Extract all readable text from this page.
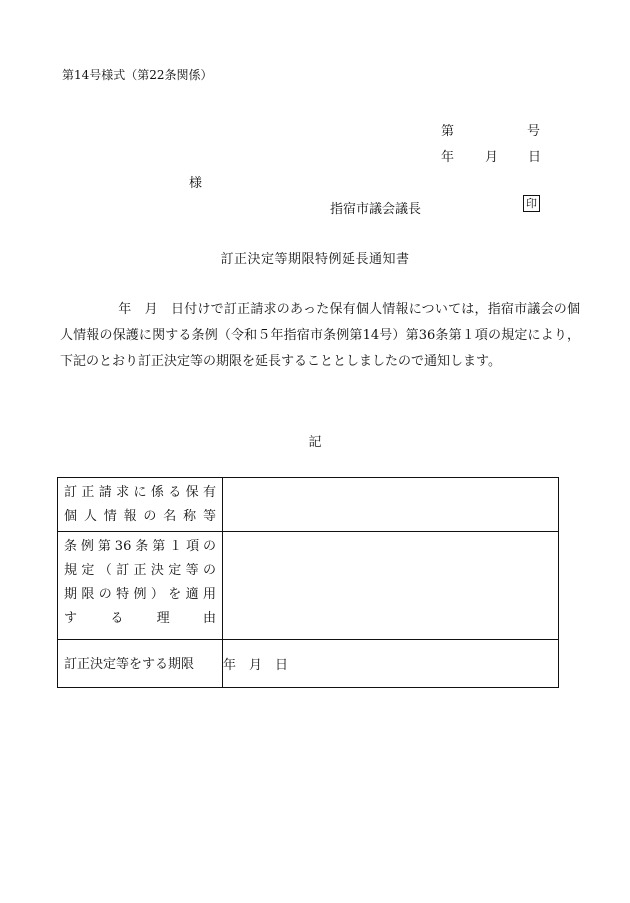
第14号様式（第22条関係）
第	号
年 月 日
様
指宿市議会議長	印
訂正決定等期限特例延長通知書
年　月　日付けで訂正請求のあった保有個人情報については，指宿市議会の個人情報の保護に関する条例（令和５年指宿市条例第14号）第36条第１項の規定により，下記のとおり訂正決定等の期限を延長することとしましたので通知します。
記
訂正請求に係る保有
個人情報の名称等	

条例第36条第１項の
規定（訂正決定等の
期限の特例）を適用
す　る　理　由	

訂正決定等をする期限	年　月　日
